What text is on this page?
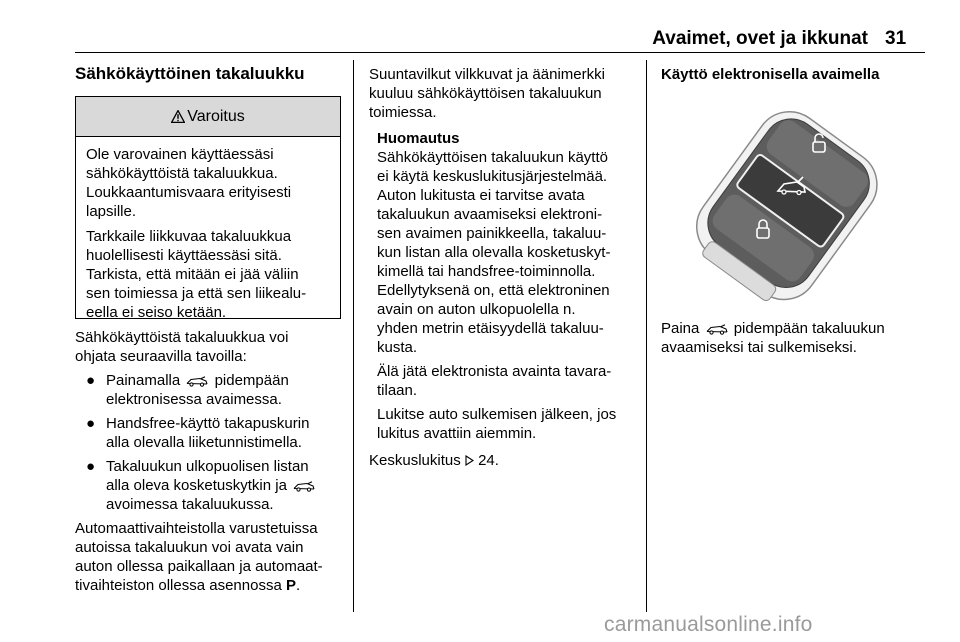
Avaimet, ovet ja ikkunat 31
Sähkökäyttöinen takaluukku
Varoitus

Ole varovainen käyttäessäsi
sähkökäyttöistä takaluukkua.
Loukkaantumisvaara erityisesti
lapsille.

Tarkkaile liikkuvaa takaluukkua
huolellisesti käyttäessäsi sitä.
Tarkista, että mitään ei jää väliin
sen toimiessa ja että sen liikealu-
eella ei seiso ketään.

Sähkökäyttöistä takaluukkua voi
ohjata seuraavilla tavoilla:

● Painamalla pidempään
elektronisessa avaimessa.
● Handsfree-käyttö takapuskurin
alla olevalla liiketunnistimella.
● Takaluukun ulkopuolisen listan
alla oleva kosketuskytkin ja
avoimessa takaluukussa.

Automaattivaihteistolla varustetuissa
autoissa takaluukun voi avata vain
auton ollessa paikallaan ja automaat-
tivaihteiston ollessa asennossa P.

Suuntavilkut vilkkuvat ja äänimerkki
kuuluu sähkökäyttöisen takaluukun
toimiessa.

Huomautus

Sähkökäyttöisen takaluukun käyttö
ei käytä keskuslukitusjärjestelmää.
Auton lukitusta ei tarvitse avata
takaluukun avaamiseksi elektroni-
sen avaimen painikkeella, takaluu-
kun listan alla olevalla kosketuskyt-
kimellä tai handsfree-toiminnolla.
Edellytyksenä on, että elektroninen
avain on auton ulkopuolella n.
yhden metrin etäisyydellä takaluu-
kusta.

Älä jätä elektronista avainta tavara-
tilaan.

Lukitse auto sulkemisen jälkeen, jos
lukitus avattiin aiemmin.

Keskuslukitus 24.

Käyttö elektronisella avaimella

Paina pidempään takaluukun
avaamiseksi tai sulkemiseksi.

carmanualsonline.info
